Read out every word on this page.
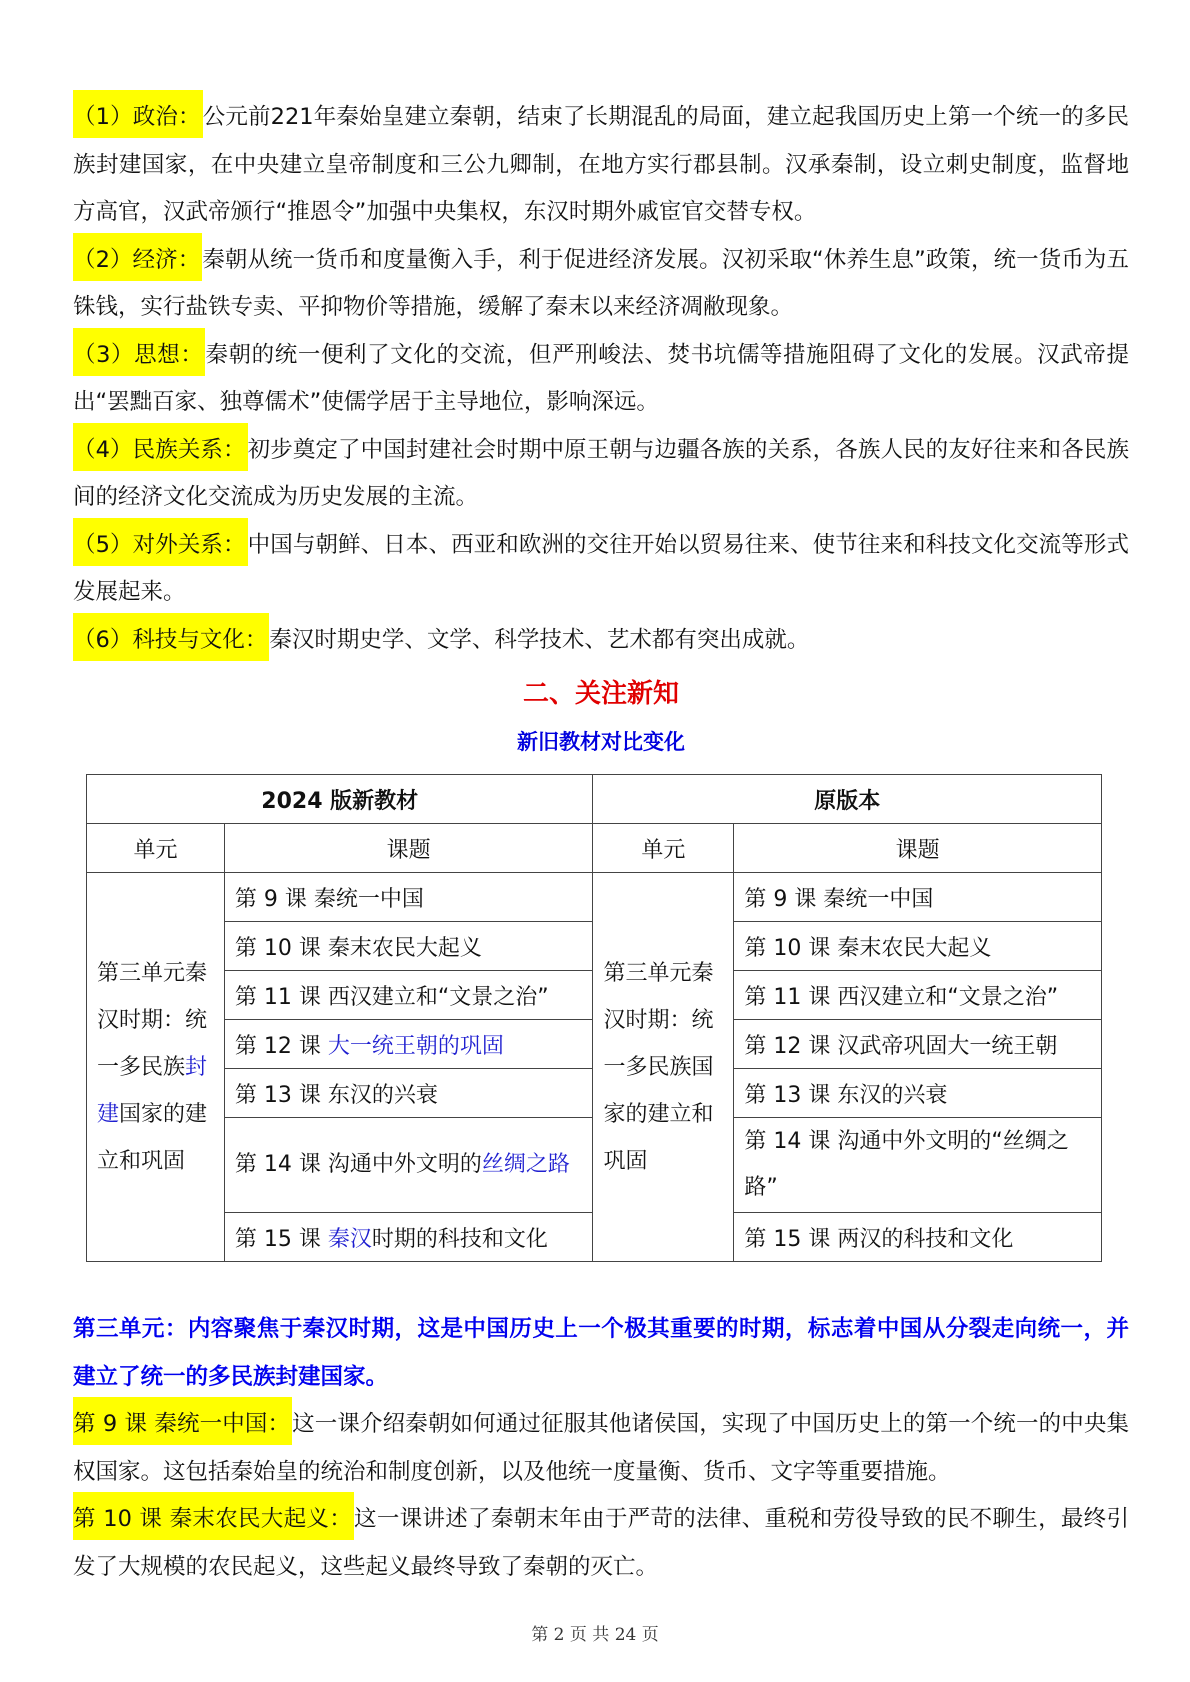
（1）政治：公元前221年秦始皇建立秦朝，结束了长期混乱的局面，建立起我国历史上第一个统一的多民族封建国家，在中央建立皇帝制度和三公九卿制，在地方实行郡县制。汉承秦制，设立刺史制度，监督地方高官，汉武帝颁行“推恩令”加强中央集权，东汉时期外戚宦官交替专权。

（2）经济：秦朝从统一货币和度量衡入手，利于促进经济发展。汉初采取“休养生息”政策，统一货币为五铢钱，实行盐铁专卖、平抑物价等措施，缓解了秦末以来经济凋敝现象。

（3）思想：秦朝的统一便利了文化的交流，但严刑峻法、焚书坑儒等措施阻碍了文化的发展。汉武帝提出“罢黜百家、独尊儒术”使儒学居于主导地位，影响深远。

（4）民族关系：初步奠定了中国封建社会时期中原王朝与边疆各族的关系，各族人民的友好往来和各民族间的经济文化交流成为历史发展的主流。

（5）对外关系：中国与朝鲜、日本、西亚和欧洲的交往开始以贸易往来、使节往来和科技文化交流等形式发展起来。

（6）科技与文化：秦汉时期史学、文学、科学技术、艺术都有突出成就。

二、关注新知
新旧教材对比变化
2024 版新教材		原版本	
单元	课题	单元	课题
第三单元秦汉时期：统一多民族封建国家的建立和巩固	第 9 课 秦统一中国	第三单元秦汉时期：统一多民族国家的建立和巩固	第 9 课 秦统一中国
	第 10 课 秦末农民大起义		第 10 课 秦末农民大起义
	第 11 课 西汉建立和“文景之治”		第 11 课 西汉建立和“文景之治”
	第 12 课 大一统王朝的巩固		第 12 课 汉武帝巩固大一统王朝
	第 13 课 东汉的兴衰		第 13 课 东汉的兴衰
	第 14 课 沟通中外文明的丝绸之路		第 14 课 沟通中外文明的“丝绸之路”
	第 15 课 秦汉时期的科技和文化		第 15 课 两汉的科技和文化

第三单元：内容聚焦于秦汉时期，这是中国历史上一个极其重要的时期，标志着中国从分裂走向统一，并建立了统一的多民族封建国家。

第 9 课 秦统一中国：这一课介绍秦朝如何通过征服其他诸侯国，实现了中国历史上的第一个统一的中央集权国家。这包括秦始皇的统治和制度创新，以及他统一度量衡、货币、文字等重要措施。

第 10 课 秦末农民大起义：这一课讲述了秦朝末年由于严苛的法律、重税和劳役导致的民不聊生，最终引发了大规模的农民起义，这些起义最终导致了秦朝的灭亡。

第 2 页 共 24 页
